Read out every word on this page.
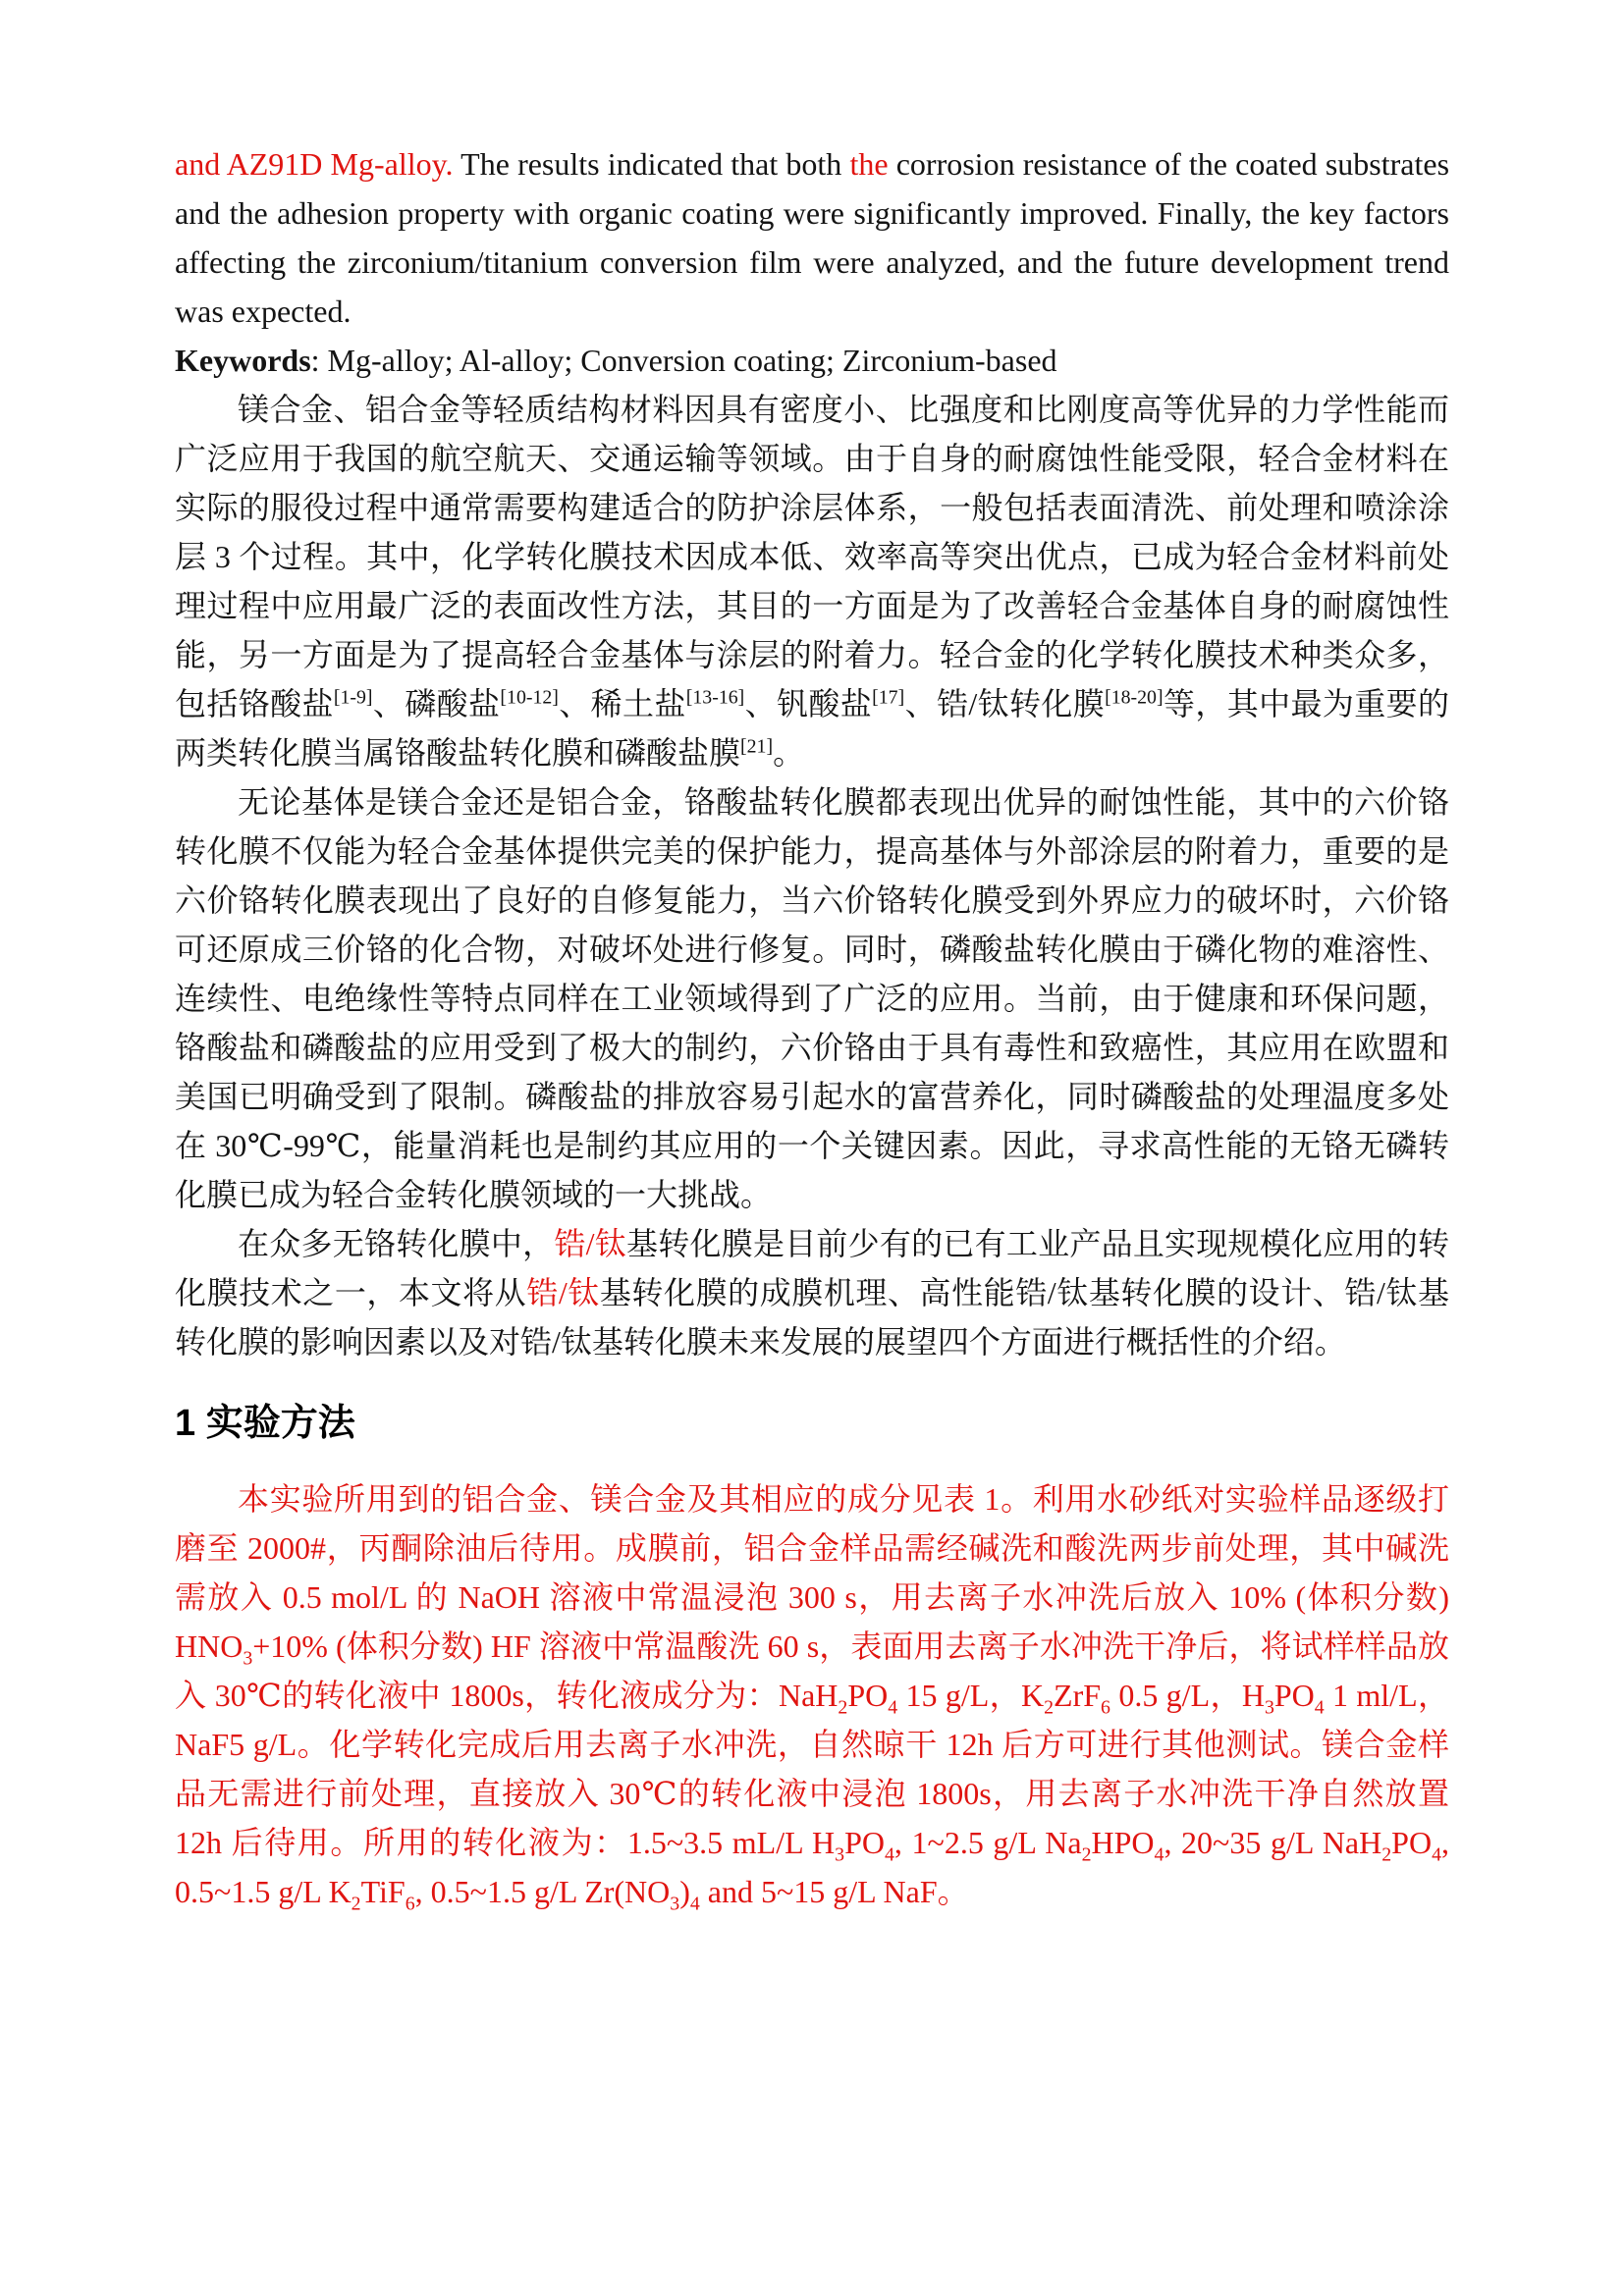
and AZ91D Mg-alloy. The results indicated that both the corrosion resistance of the coated substrates and the adhesion property with organic coating were significantly improved. Finally, the key factors affecting the zirconium/titanium conversion film were analyzed, and the future development trend was expected.

Keywords: Mg-alloy; Al-alloy; Conversion coating; Zirconium-based

镁合金、铝合金等轻质结构材料因具有密度小、比强度和比刚度高等优异的力学性能而广泛应用于我国的航空航天、交通运输等领域。由于自身的耐腐蚀性能受限，轻合金材料在实际的服役过程中通常需要构建适合的防护涂层体系，一般包括表面清洗、前处理和喷涂涂层 3 个过程。其中，化学转化膜技术因成本低、效率高等突出优点，已成为轻合金材料前处理过程中应用最广泛的表面改性方法，其目的一方面是为了改善轻合金基体自身的耐腐蚀性能，另一方面是为了提高轻合金基体与涂层的附着力。轻合金的化学转化膜技术种类众多，包括铬酸盐[1-9]、磷酸盐[10-12]、稀土盐[13-16]、钒酸盐[17]、锆/钛转化膜[18-20]等，其中最为重要的两类转化膜当属铬酸盐转化膜和磷酸盐膜[21]。

无论基体是镁合金还是铝合金，铬酸盐转化膜都表现出优异的耐蚀性能，其中的六价铬转化膜不仅能为轻合金基体提供完美的保护能力，提高基体与外部涂层的附着力，重要的是六价铬转化膜表现出了良好的自修复能力，当六价铬转化膜受到外界应力的破坏时，六价铬可还原成三价铬的化合物，对破坏处进行修复。同时，磷酸盐转化膜由于磷化物的难溶性、连续性、电绝缘性等特点同样在工业领域得到了广泛的应用。当前，由于健康和环保问题，铬酸盐和磷酸盐的应用受到了极大的制约，六价铬由于具有毒性和致癌性，其应用在欧盟和美国已明确受到了限制。磷酸盐的排放容易引起水的富营养化，同时磷酸盐的处理温度多处在 30℃-99℃，能量消耗也是制约其应用的一个关键因素。因此，寻求高性能的无铬无磷转化膜已成为轻合金转化膜领域的一大挑战。

在众多无铬转化膜中，锆/钛基转化膜是目前少有的已有工业产品且实现规模化应用的转化膜技术之一，本文将从锆/钛基转化膜的成膜机理、高性能锆/钛基转化膜的设计、锆/钛基转化膜的影响因素以及对锆/钛基转化膜未来发展的展望四个方面进行概括性的介绍。

1 实验方法

本实验所用到的铝合金、镁合金及其相应的成分见表 1。利用水砂纸对实验样品逐级打磨至 2000#，丙酮除油后待用。成膜前，铝合金样品需经碱洗和酸洗两步前处理，其中碱洗需放入 0.5 mol/L 的 NaOH 溶液中常温浸泡 300 s，用去离子水冲洗后放入 10% (体积分数) $HNO_3+10\%$ (体积分数) HF 溶液中常温酸洗 60 s，表面用去离子水冲洗干净后，将试样样品放入 30℃的转化液中 1800s，转化液成分为：$NaH_2PO_4$ 15 g/L，$K_2ZrF_6$ 0.5 g/L，$H_3PO_4$ 1 ml/L，NaF5 g/L。化学转化完成后用去离子水冲洗，自然晾干 12h 后方可进行其他测试。镁合金样品无需进行前处理，直接放入 30℃的转化液中浸泡 1800s，用去离子水冲洗干净自然放置 12h 后待用。所用的转化液为：1.5~3.5 mL/L $H_3PO_4$, 1~2.5 g/L $Na_2HPO_4$, 20~35 g/L $NaH_2PO_4$, 0.5~1.5 g/L $K_2TiF_6$, 0.5~1.5 g/L $Zr(NO_3)_4$ and 5~15 g/L NaF。
